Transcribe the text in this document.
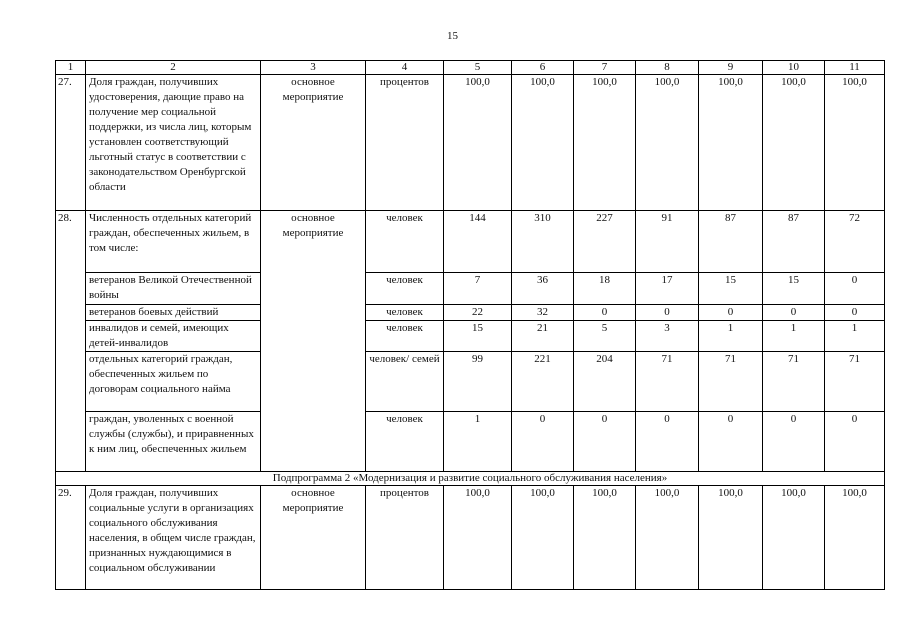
15
1	2	3	4	5	6	7	8	9	10	11
27.	Доля граждан, получивших удостоверения, дающие право на получение мер социальной поддержки, из числа лиц, которым установлен соответствующий льготный статус в соответствии с законодательством Оренбургской области	основное мероприятие	процентов	100,0	100,0	100,0	100,0	100,0	100,0	100,0
28.	Численность отдельных категорий граждан, обеспеченных жильем, в том числе:	основное мероприятие	человек	144	310	227	91	87	87	72
	ветеранов Великой Отечественной войны		человек	7	36	18	17	15	15	0
	ветеранов боевых действий		человек	22	32	0	0	0	0	0
	инвалидов и семей, имеющих детей-инвалидов		человек	15	21	5	3	1	1	1
	отдельных категорий граждан, обеспеченных жильем по договорам социального найма		человек/ семей	99	221	204	71	71	71	71
	граждан, уволенных с военной службы (службы), и приравненных к ним лиц, обеспеченных жильем		человек	1	0	0	0	0	0	0
Подпрограмма 2 «Модернизация и развитие социального обслуживания населения»										
29.	Доля граждан, получивших социальные услуги в организациях социального обслуживания населения, в общем числе граждан, признанных нуждающимися в социальном обслуживании	основное мероприятие	процентов	100,0	100,0	100,0	100,0	100,0	100,0	100,0
